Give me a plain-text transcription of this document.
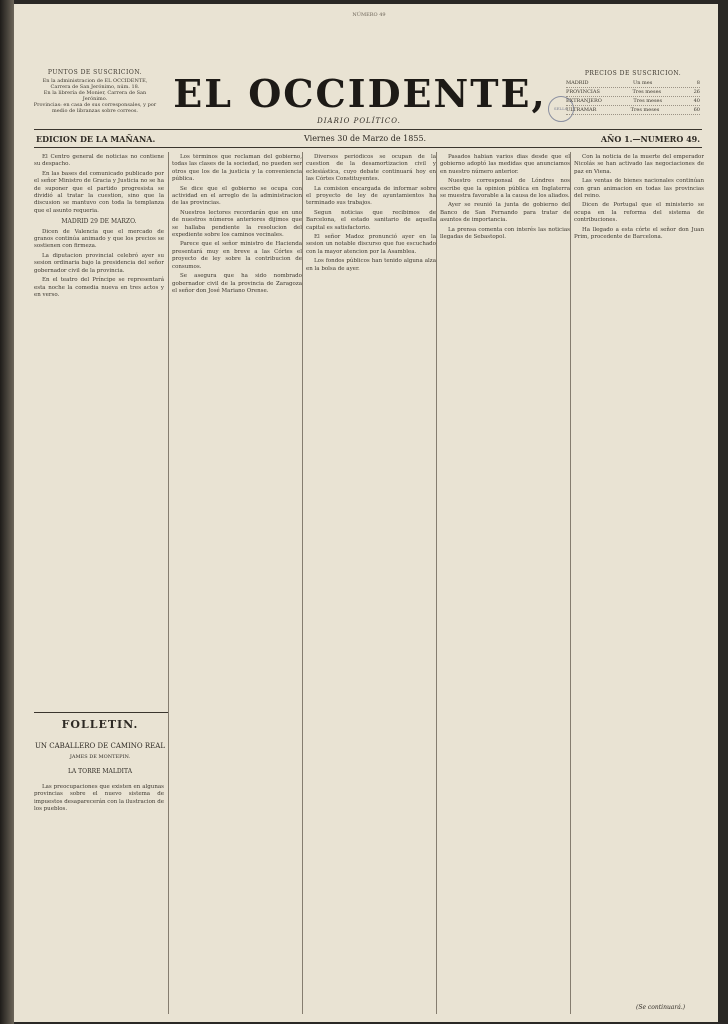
NÚMERO 49
PUNTOS DE SUSCRICION.
En la administracion de EL OCCIDENTE, Carrera de San Jerónimo, núm. 18.
En la librería de Monier, Carrera de San Jerónimo.
Provincias: en casa de sus corresponsales, y por medio de libranzas sobre correos. EL OCCIDENTE,
DIARIO POLÍTICO.
SELLO
PRECIOS DE SUSCRICION.
MADRID	Un mes	8
PROVINCIAS	Tres meses	26
EXTRANJERO	Tres meses	40
ULTRAMAR	Tres meses	60
EDICION DE LA MAÑANA.	Viernes 30 de Marzo de 1855.	AÑO 1.—NUMERO 49.

El Centro general de noticias no contiene su despacho.

En las bases del comunicado publicado por el señor Ministro de Gracia y Justicia no se ha de suponer que el partido progresista se dividió al tratar la cuestion, sino que la discusion se mantuvo con toda la templanza que el asunto requeria.

MADRID 29 DE MARZO.

Dicen de Valencia que el mercado de granos continúa animado y que los precios se sostienen con firmeza.

La diputacion provincial celebró ayer su sesion ordinaria bajo la presidencia del señor gobernador civil de la provincia.

En el teatro del Príncipe se representará esta noche la comedia nueva en tres actos y en verso.

FOLLETIN.
UN CABALLERO DE CAMINO REAL
JAMES DE MONTEPIN.
LA TORRE MALDITA

Las preocupaciones que existen en algunas provincias sobre el nuevo sistema de impuestos desaparecerán con la ilustracion de los pueblos.

Los términos que reclaman del gobierno, todas las clases de la sociedad, no pueden ser otros que los de la justicia y la conveniencia pública.

Se dice que el gobierno se ocupa con actividad en el arreglo de la administracion de las provincias.

Nuestros lectores recordarán que en uno de nuestros números anteriores dijimos que se hallaba pendiente la resolucion del expediente sobre los caminos vecinales.

Parece que el señor ministro de Hacienda presentará muy en breve a las Córtes el proyecto de ley sobre la contribucion de consumos.

Se asegura que ha sido nombrado gobernador civil de la provincia de Zaragoza el señor don José Mariano Orense.

Diversos periódicos se ocupan de la cuestion de la desamortizacion civil y eclesiástica, cuyo debate continuará hoy en las Córtes Constituyentes.

La comision encargada de informar sobre el proyecto de ley de ayuntamientos ha terminado sus trabajos.

Segun noticias que recibimos de Barcelona, el estado sanitario de aquella capital es satisfactorio.

El señor Madoz pronunció ayer en la sesion un notable discurso que fue escuchado con la mayor atencion por la Asamblea.

Los fondos públicos han tenido alguna alza en la bolsa de ayer.

Pasados habian varios dias desde que el gobierno adoptó las medidas que anunciamos en nuestro número anterior.

Nuestro corresponsal de Lóndres nos escribe que la opinion pública en Inglaterra se muestra favorable a la causa de los aliados.

Ayer se reunió la junta de gobierno del Banco de San Fernando para tratar de asuntos de importancia.

La prensa comenta con interés las noticias llegadas de Sebastopol.

Con la noticia de la muerte del emperador Nicolás se han activado las negociaciones de paz en Viena.

Las ventas de bienes nacionales continúan con gran animacion en todas las provincias del reino.

Dicen de Portugal que el ministerio se ocupa en la reforma del sistema de contribuciones.

Ha llegado a esta córte el señor don Juan Prim, procedente de Barcelona.

(Se continuará.)
